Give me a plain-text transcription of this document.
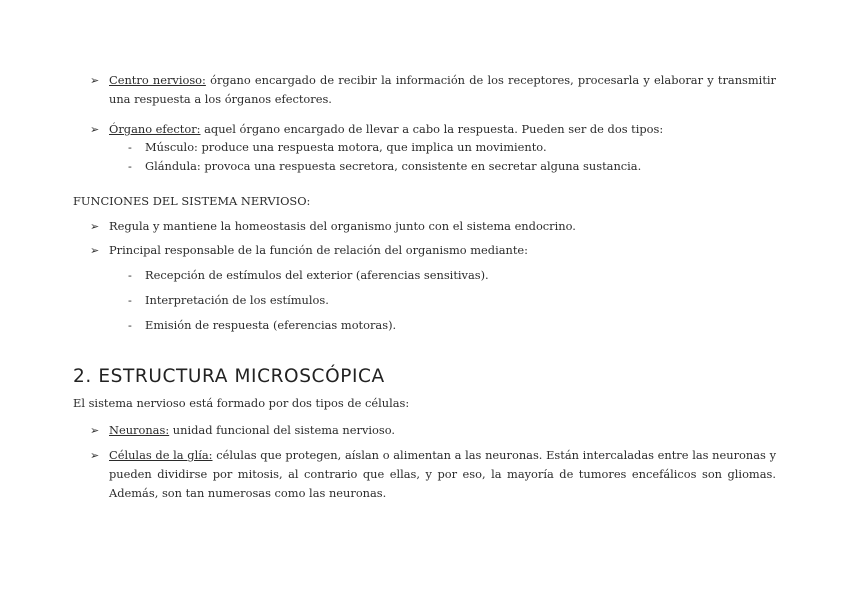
➢ Centro nervioso: órgano encargado de recibir la información de los receptores, procesarla y elaborar y transmitir una respuesta a los órganos efectores.
➢ Órgano efector: aquel órgano encargado de llevar a cabo la respuesta. Pueden ser de dos tipos:
- Músculo: produce una respuesta motora, que implica un movimiento.
- Glándula: provoca una respuesta secretora, consistente en secretar alguna sustancia.
FUNCIONES DEL SISTEMA NERVIOSO:
➢ Regula y mantiene la homeostasis del organismo junto con el sistema endocrino.
➢ Principal responsable de la función de relación del organismo mediante:
- Recepción de estímulos del exterior (aferencias sensitivas).
- Interpretación de los estímulos.
- Emisión de respuesta (eferencias motoras).
2. ESTRUCTURA MICROSCÓPICA
El sistema nervioso está formado por dos tipos de células:
➢ Neuronas: unidad funcional del sistema nervioso.
➢ Células de la glía: células que protegen, aíslan o alimentan a las neuronas. Están intercaladas entre las neuronas y pueden dividirse por mitosis, al contrario que ellas, y por eso, la mayoría de tumores encefálicos son gliomas. Además, son tan numerosas como las neuronas.
